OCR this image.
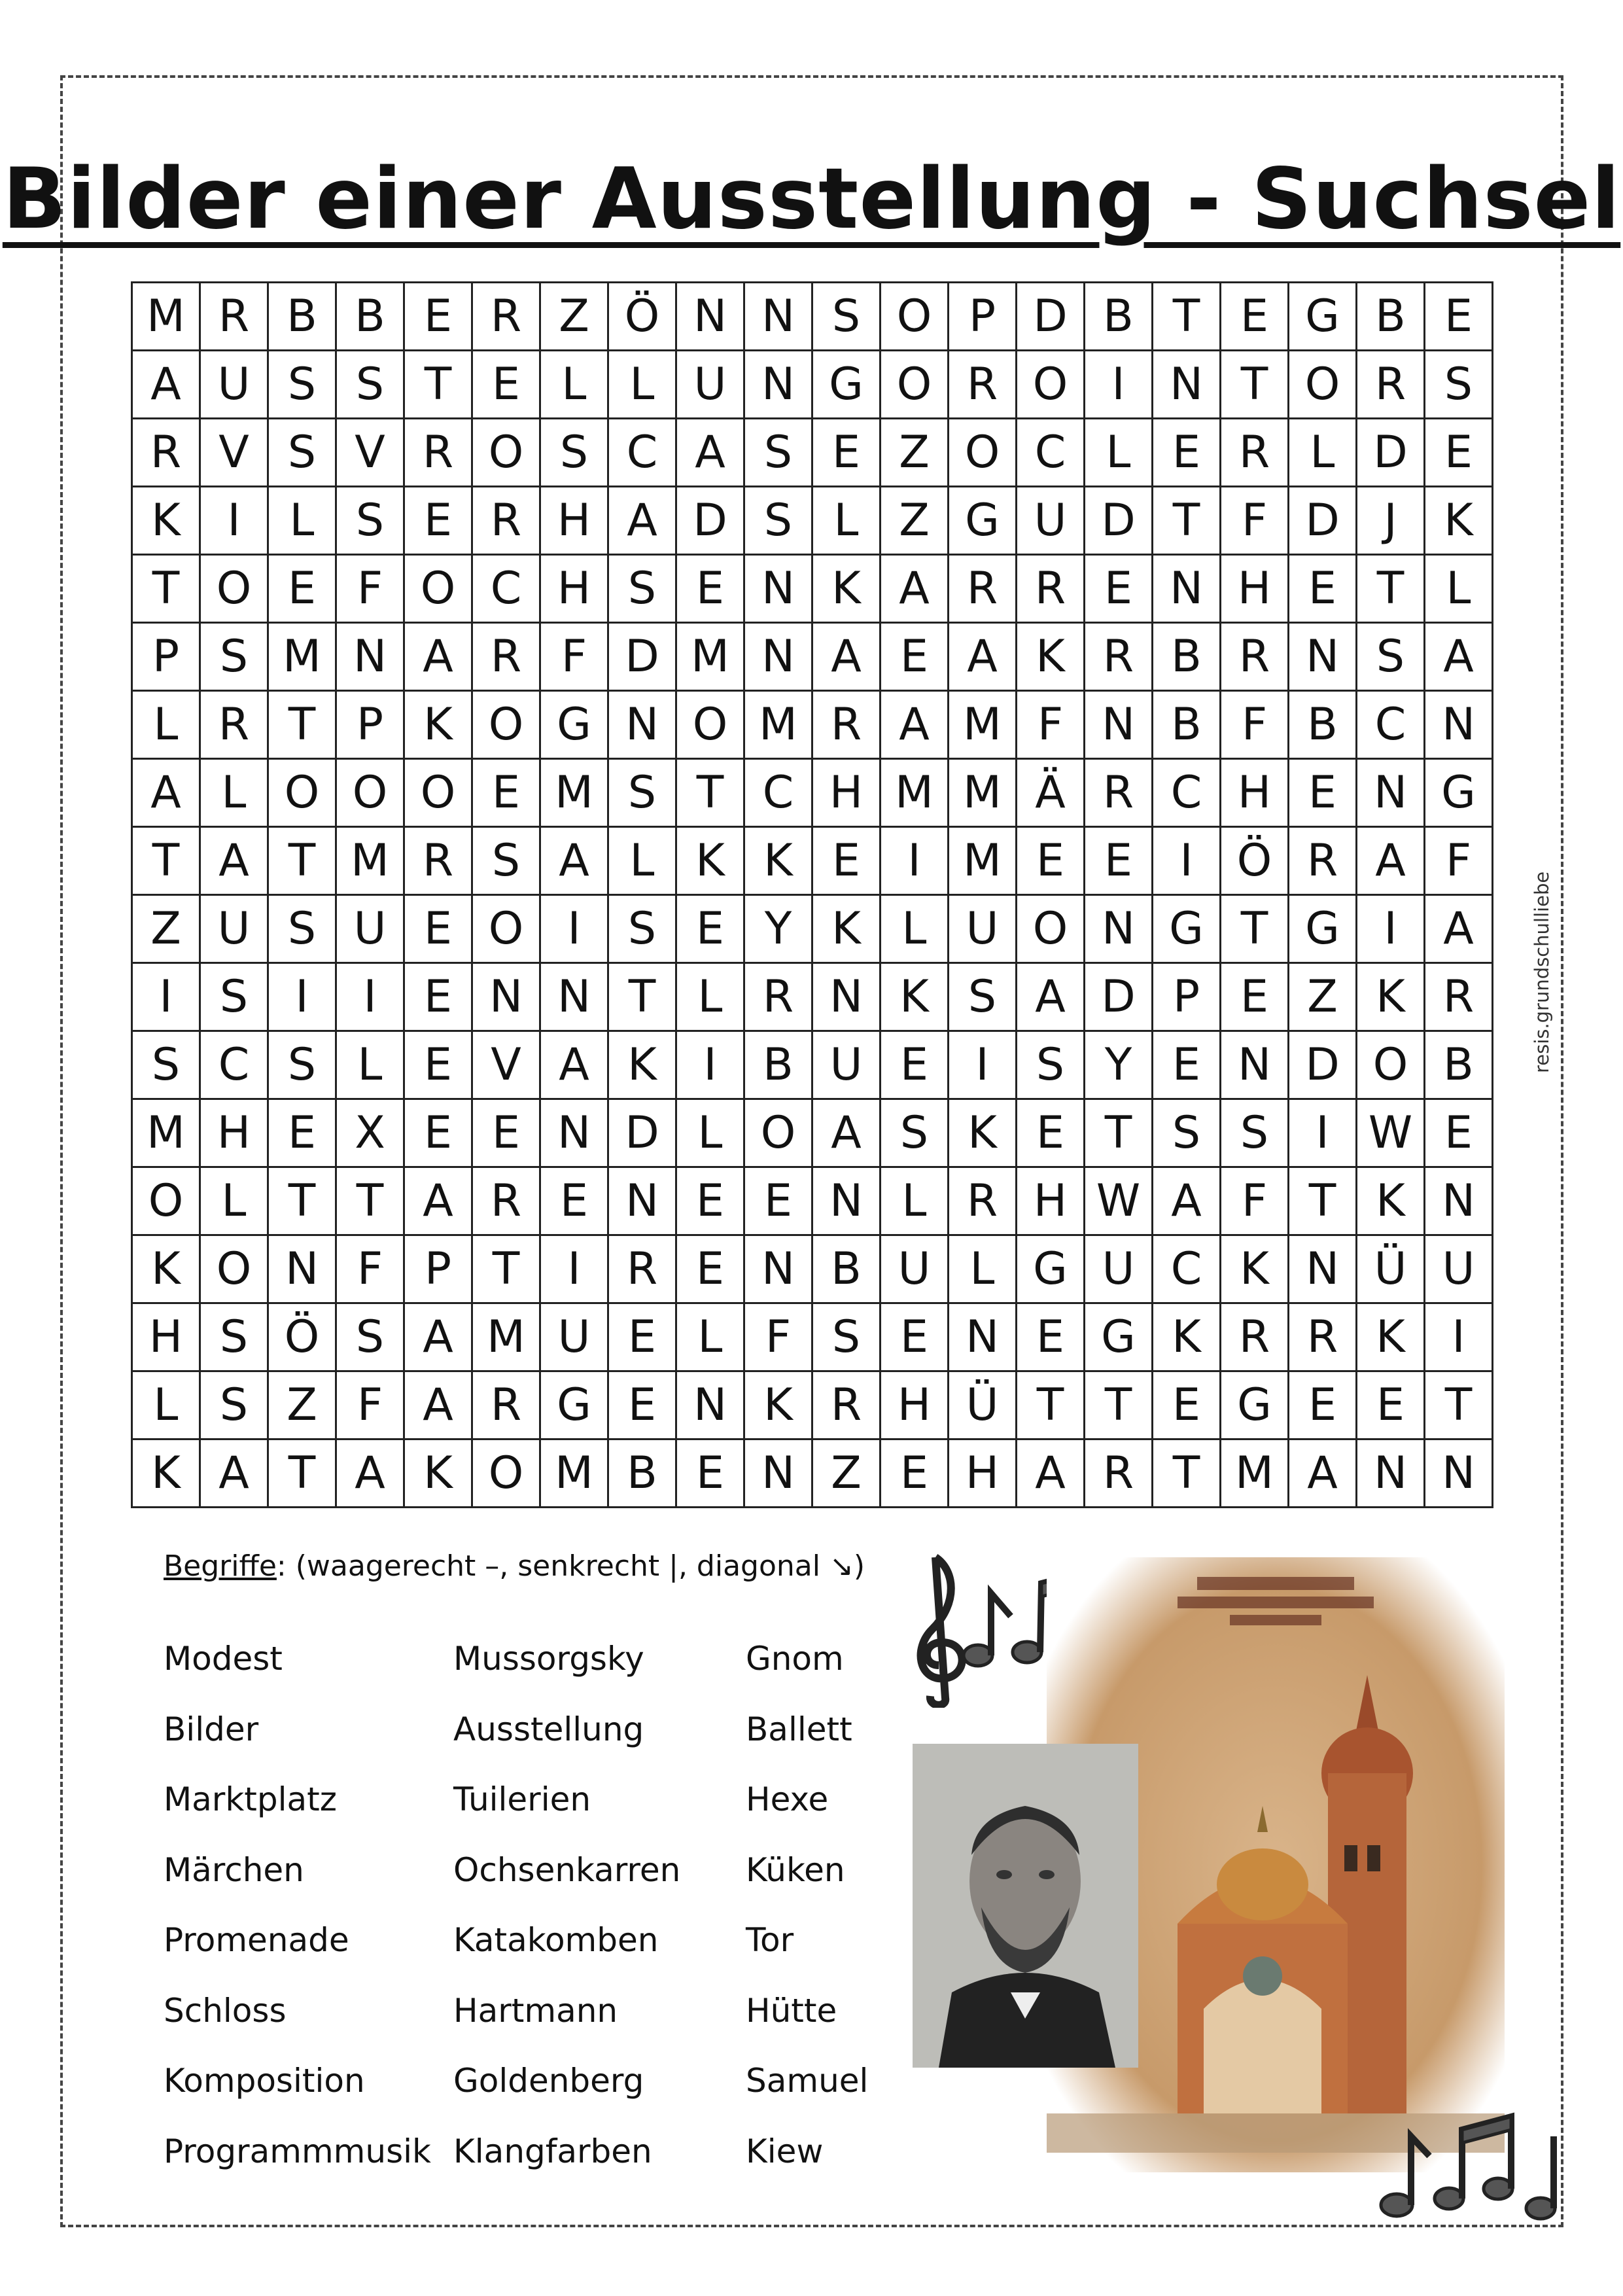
Bilder einer Ausstellung - Suchsel
M	R	B	B	E	R	Z	Ö	N	N	S	O	P	D	B	T	E	G	B	E
A	U	S	S	T	E	L	L	U	N	G	O	R	O	I	N	T	O	R	S
R	V	S	V	R	O	S	C	A	S	E	Z	O	C	L	E	R	L	D	E
K	I	L	S	E	R	H	A	D	S	L	Z	G	U	D	T	F	D	J	K
T	O	E	F	O	C	H	S	E	N	K	A	R	R	E	N	H	E	T	L
P	S	M	N	A	R	F	D	M	N	A	E	A	K	R	B	R	N	S	A
L	R	T	P	K	O	G	N	O	M	R	A	M	F	N	B	F	B	C	N
A	L	O	O	O	E	M	S	T	C	H	M	M	Ä	R	C	H	E	N	G
T	A	T	M	R	S	A	L	K	K	E	I	M	E	E	I	Ö	R	A	F
Z	U	S	U	E	O	I	S	E	Y	K	L	U	O	N	G	T	G	I	A
I	S	I	I	E	N	N	T	L	R	N	K	S	A	D	P	E	Z	K	R
S	C	S	L	E	V	A	K	I	B	U	E	I	S	Y	E	N	D	O	B
M	H	E	X	E	E	N	D	L	O	A	S	K	E	T	S	S	I	W	E
O	L	T	T	A	R	E	N	E	E	N	L	R	H	W	A	F	T	K	N
K	O	N	F	P	T	I	R	E	N	B	U	L	G	U	C	K	N	Ü	U
H	S	Ö	S	A	M	U	E	L	F	S	E	N	E	G	K	R	R	K	I
L	S	Z	F	A	R	G	E	N	K	R	H	Ü	T	T	E	G	E	E	T
K	A	T	A	K	O	M	B	E	N	Z	E	H	A	R	T	M	A	N	N
Begriffe: (waagerecht –, senkrecht |, diagonal ↘)
Modest
Bilder
Marktplatz
Märchen
Promenade
Schloss
Komposition
Programmmusik
Mussorgsky
Ausstellung
Tuilerien
Ochsenkarren
Katakomben
Hartmann
Goldenberg
Klangfarben
Gnom
Ballett
Hexe
Küken
Tor
Hütte
Samuel
Kiew
resis.grundschulliebe
